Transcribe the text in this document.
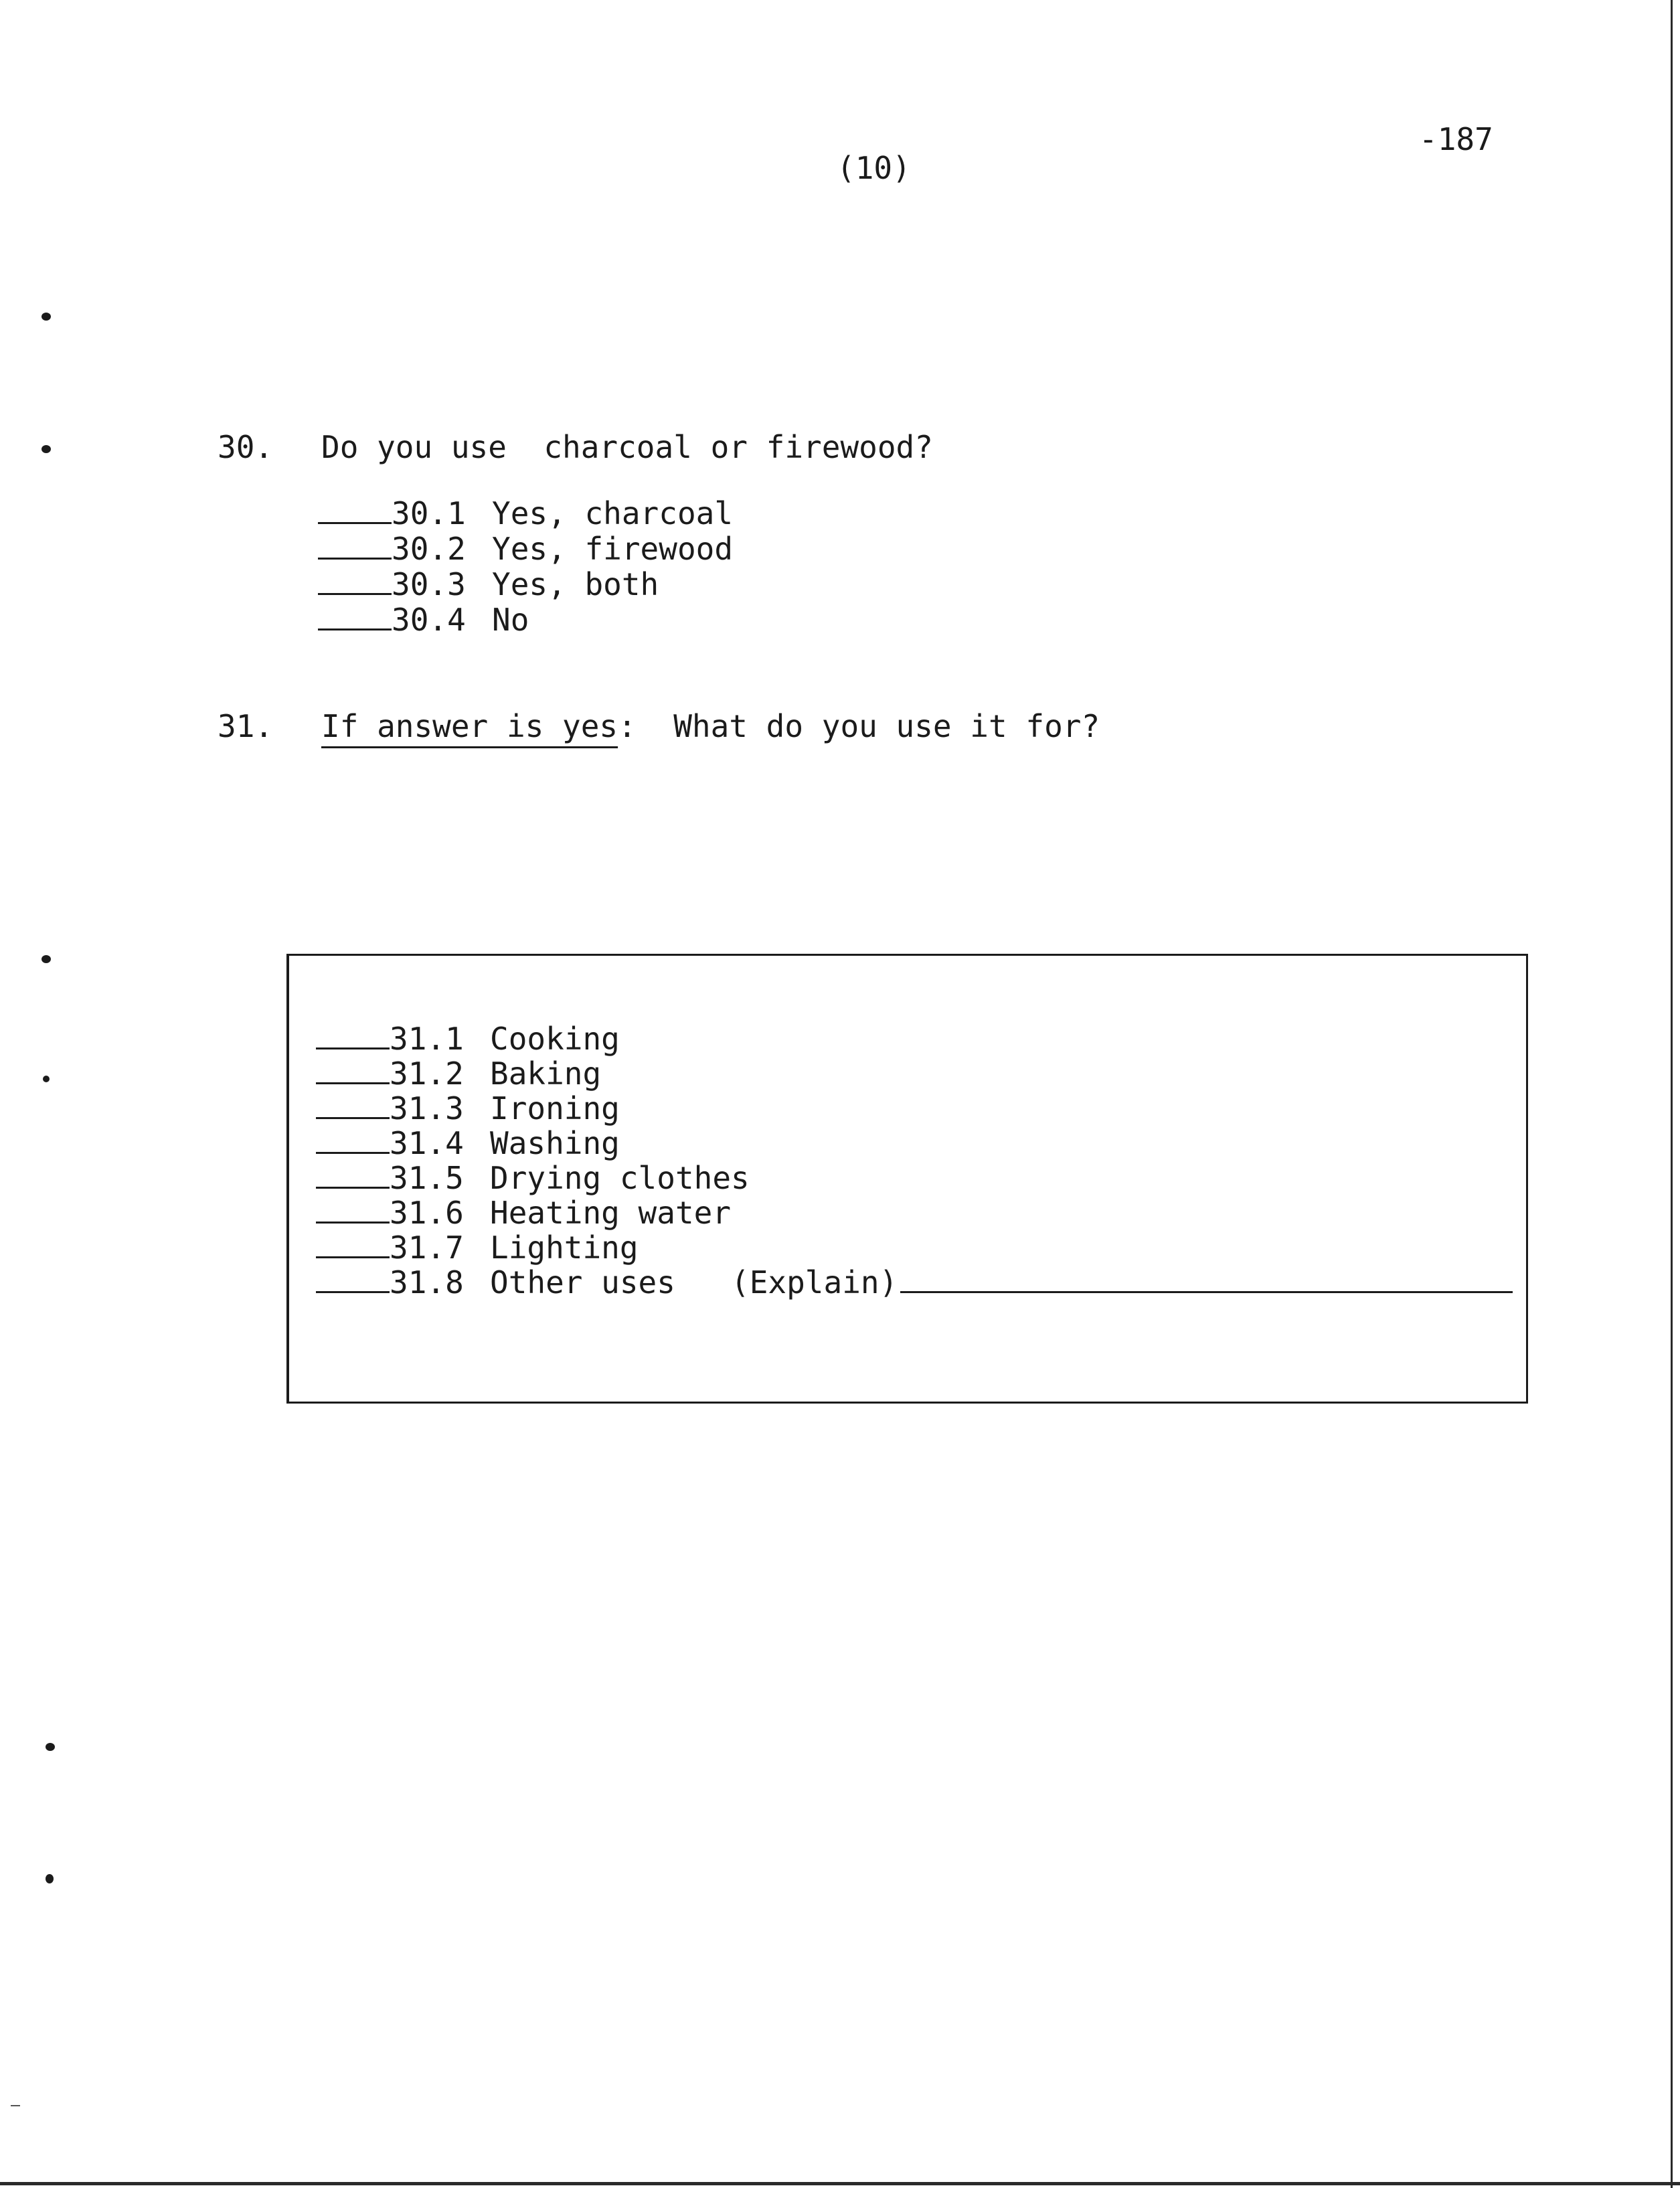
-187
(10)
30. Do you use  charcoal or firewood?
30.1 Yes, charcoal
30.2 Yes, firewood
30.3 Yes, both
30.4 No
31. If answer is yes:  What do you use it for?
31.1 Cooking
31.2 Baking
31.3 Ironing
31.4 Washing
31.5 Drying clothes
31.6 Heating water
31.7 Lighting
31.8 Other uses   (Explain)
